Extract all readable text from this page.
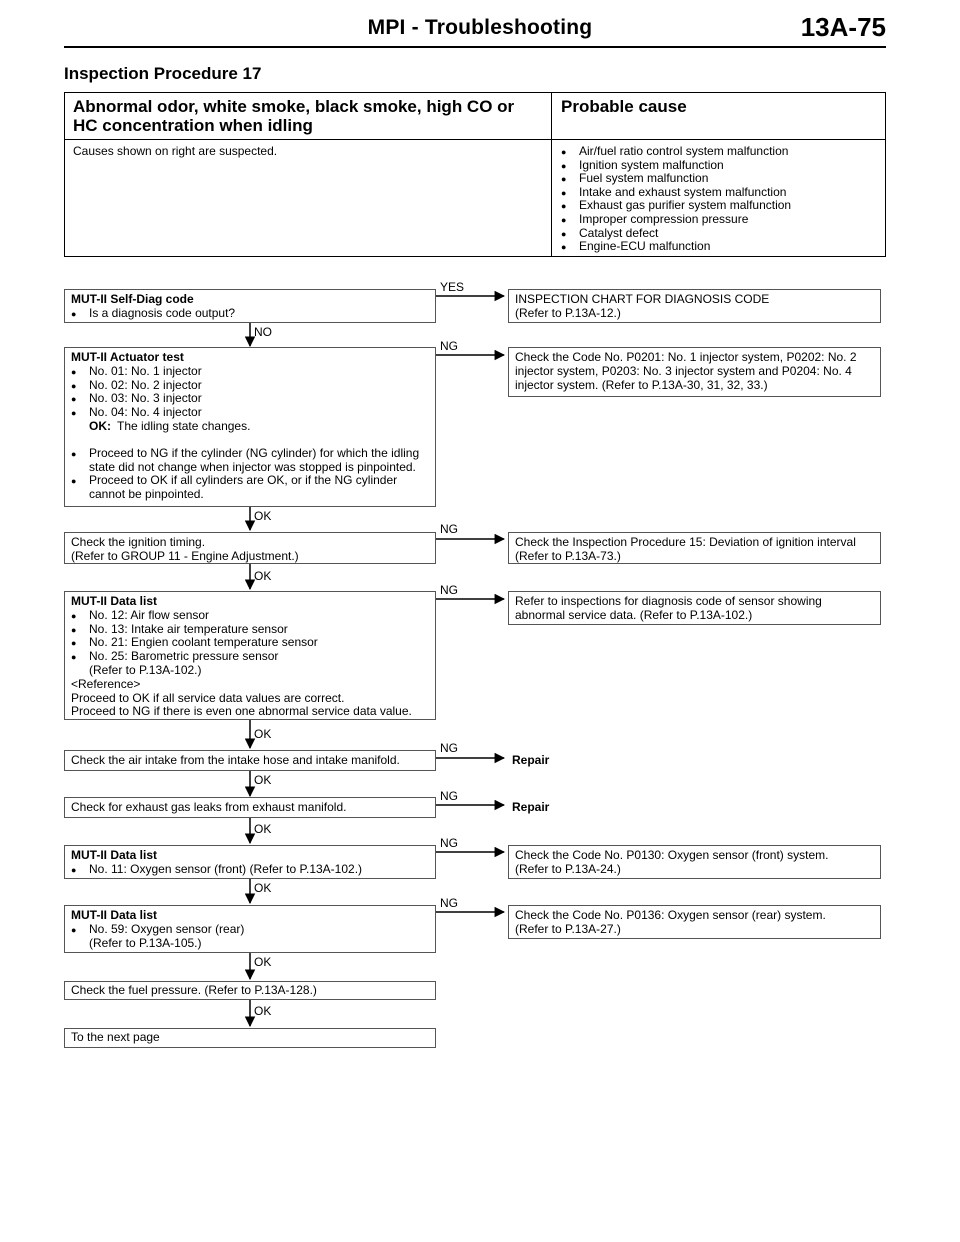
MPI - Troubleshooting	13A-75
Inspection Procedure 17
Abnormal odor, white smoke, black smoke, high CO or HC concentration when idling
Probable cause
Causes shown on right are suspected.
●	Air/fuel ratio control system malfunction
● Ignition system malfunction
● Fuel system malfunction
● Intake and exhaust system malfunction
● Exhaust gas purifier system malfunction
● Improper compression pressure
● Catalyst defect
● Engine-ECU malfunction
YES
NO
NG
OK
NG
OK
NG
OK
NG
OK
NG
OK
NG
OK
NG
OK
OK
MUT-II Self-Diag code
● Is a diagnosis code output?
INSPECTION CHART FOR DIAGNOSIS CODE
(Refer to P.13A-12.)
MUT-II Actuator test
● No. 01: No. 1 injector
● No. 02: No. 2 injector
● No. 03: No. 3 injector
● No. 04: No. 4 injector
OK: The idling state changes.
● Proceed to NG if the cylinder (NG cylinder) for which the idling state did not change when injector was stopped is pinpointed.
● Proceed to OK if all cylinders are OK, or if the NG cylinder cannot be pinpointed.
Check the Code No. P0201: No. 1 injector system, P0202: No. 2 injector system, P0203: No. 3 injector system and P0204: No. 4 injector system. (Refer to P.13A-30, 31, 32, 33.)
Check the ignition timing.
(Refer to GROUP 11 - Engine Adjustment.)
Check the Inspection Procedure 15: Deviation of ignition interval
(Refer to P.13A-73.)
MUT-II Data list
● No. 12: Air flow sensor
● No. 13: Intake air temperature sensor
● No. 21: Engien coolant temperature sensor
● No. 25: Barometric pressure sensor
(Refer to P.13A-102.)
<Reference>
Proceed to OK if all service data values are correct.
Proceed to NG if there is even one abnormal service data value.
Refer to inspections for diagnosis code of sensor showing abnormal service data. (Refer to P.13A-102.)
Check the air intake from the intake hose and intake manifold.	Repair
Check for exhaust gas leaks from exhaust manifold.	Repair
MUT-II Data list
● No. 11: Oxygen sensor (front) (Refer to P.13A-102.)
Check the Code No. P0130: Oxygen sensor (front) system.
(Refer to P.13A-24.)
MUT-II Data list
● No. 59: Oxygen sensor (rear)
(Refer to P.13A-105.)
Check the Code No. P0136: Oxygen sensor (rear) system.
(Refer to P.13A-27.)
Check the fuel pressure. (Refer to P.13A-128.)
To the next page
